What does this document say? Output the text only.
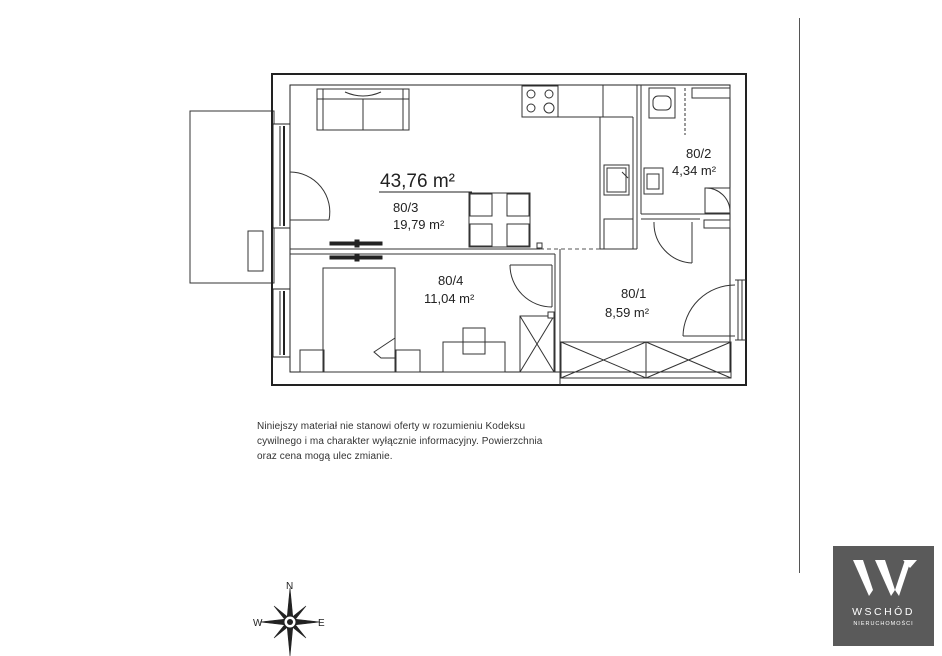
43,76 m²
80/3
19,79 m²
80/2
4,34 m²
80/4
11,04 m²	80/1
8,59 m²
N
E
W
Niniejszy materiał nie stanowi oferty w rozumieniu Kodeksu
cywilnego i ma charakter wyłącznie informacyjny. Powierzchnia
oraz cena mogą ulec zmianie.
WSCHÓD
NIERUCHOMOŚCI
